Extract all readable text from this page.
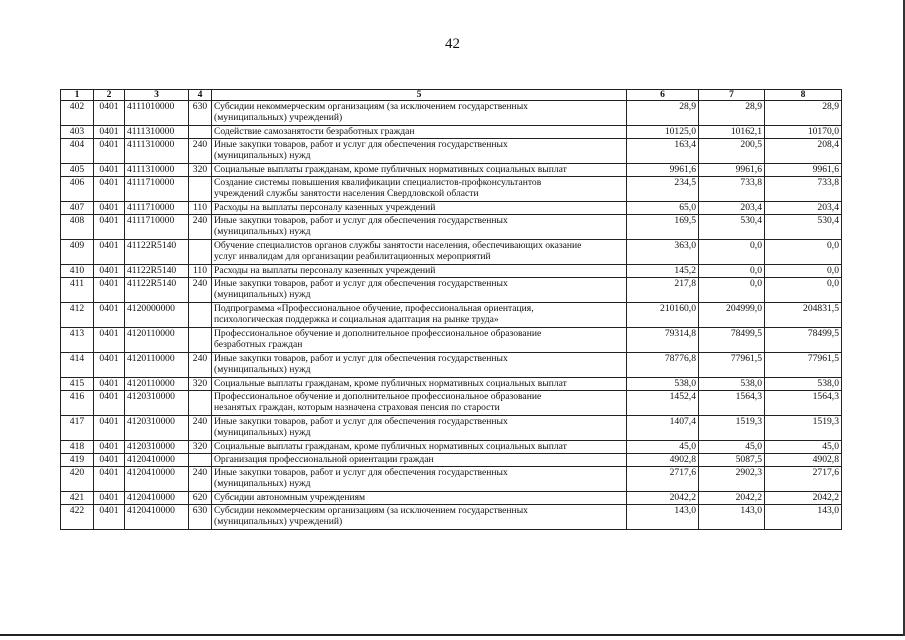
42
1	2	3	4	5	6	7	8
402	0401	4111010000	630	Субсидии некоммерческим организациям (за исключением государственных
(муниципальных) учреждений)	28,9	28,9	28,9
403	0401	4111310000		Содействие самозанятости безработных граждан	10125,0	10162,1	10170,0
404	0401	4111310000	240	Иные закупки товаров, работ и услуг для обеспечения государственных
(муниципальных) нужд	163,4	200,5	208,4
405	0401	4111310000	320	Социальные выплаты гражданам, кроме публичных нормативных социальных выплат	9961,6	9961,6	9961,6
406	0401	4111710000		Создание системы повышения квалификации специалистов-профконсультантов
учреждений службы занятости населения Свердловской области	234,5	733,8	733,8
407	0401	4111710000	110	Расходы на выплаты персоналу казенных учреждений	65,0	203,4	203,4
408	0401	4111710000	240	Иные закупки товаров, работ и услуг для обеспечения государственных
(муниципальных) нужд	169,5	530,4	530,4
409	0401	41122R5140		Обучение специалистов органов службы занятости населения, обеспечивающих оказание
услуг инвалидам для организации реабилитационных мероприятий	363,0	0,0	0,0
410	0401	41122R5140	110	Расходы на выплаты персоналу казенных учреждений	145,2	0,0	0,0
411	0401	41122R5140	240	Иные закупки товаров, работ и услуг для обеспечения государственных
(муниципальных) нужд	217,8	0,0	0,0
412	0401	4120000000		Подпрограмма «Профессиональное обучение, профессиональная ориентация,
психологическая поддержка и социальная адаптация на рынке труда»	210160,0	204999,0	204831,5
413	0401	4120110000		Профессиональное обучение и дополнительное профессиональное образование
безработных граждан	79314,8	78499,5	78499,5
414	0401	4120110000	240	Иные закупки товаров, работ и услуг для обеспечения государственных
(муниципальных) нужд	78776,8	77961,5	77961,5
415	0401	4120110000	320	Социальные выплаты гражданам, кроме публичных нормативных социальных выплат	538,0	538,0	538,0
416	0401	4120310000		Профессиональное обучение и дополнительное профессиональное образование
незанятых граждан, которым назначена страховая пенсия по старости	1452,4	1564,3	1564,3
417	0401	4120310000	240	Иные закупки товаров, работ и услуг для обеспечения государственных
(муниципальных) нужд	1407,4	1519,3	1519,3
418	0401	4120310000	320	Социальные выплаты гражданам, кроме публичных нормативных социальных выплат	45,0	45,0	45,0
419	0401	4120410000		Организация профессиональной ориентации граждан	4902,8	5087,5	4902,8
420	0401	4120410000	240	Иные закупки товаров, работ и услуг для обеспечения государственных
(муниципальных) нужд	2717,6	2902,3	2717,6
421	0401	4120410000	620	Субсидии автономным учреждениям	2042,2	2042,2	2042,2
422	0401	4120410000	630	Субсидии некоммерческим организациям (за исключением государственных
(муниципальных) учреждений)	143,0	143,0	143,0
